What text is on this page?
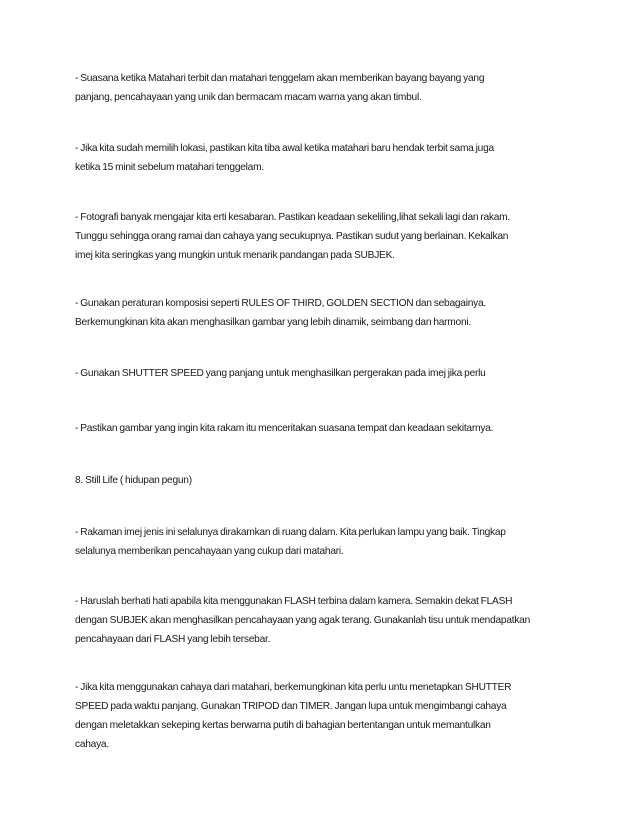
- Suasana ketika Matahari terbit dan matahari tenggelam akan memberikan bayang bayang yang
panjang, pencahayaan yang unik dan bermacam macam warna yang akan timbul.

- Jika kita sudah memilih lokasi, pastikan kita tiba awal ketika matahari baru hendak terbit sama juga
ketika 15 minit sebelum matahari tenggelam.

- Fotografi banyak mengajar kita erti kesabaran. Pastikan keadaan sekeliling,lihat sekali lagi dan rakam.
Tunggu sehingga orang ramai dan cahaya yang secukupnya. Pastikan sudut yang berlainan. Kekalkan
imej kita seringkas yang mungkin untuk menarik pandangan pada SUBJEK.

- Gunakan peraturan komposisi seperti RULES OF THIRD, GOLDEN SECTION dan sebagainya.
Berkemungkinan kita akan menghasilkan gambar yang lebih dinamik, seimbang dan harmoni.

- Gunakan SHUTTER SPEED yang panjang untuk menghasilkan pergerakan pada imej jika perlu

- Pastikan gambar yang ingin kita rakam itu menceritakan suasana tempat dan keadaan sekitarnya.

8. Still Life ( hidupan pegun)

- Rakaman imej jenis ini selalunya dirakamkan di ruang dalam. Kita perlukan lampu yang baik. Tingkap
selalunya memberikan pencahayaan yang cukup dari matahari.

- Haruslah berhati hati apabila kita menggunakan FLASH terbina dalam kamera. Semakin dekat FLASH
dengan SUBJEK akan menghasilkan pencahayaan yang agak terang. Gunakanlah tisu untuk mendapatkan
pencahayaan dari FLASH yang lebih tersebar.

- Jika kita menggunakan cahaya dari matahari, berkemungkinan kita perlu untu menetapkan SHUTTER
SPEED pada waktu panjang. Gunakan TRIPOD dan TIMER. Jangan lupa untuk mengimbangi cahaya
dengan meletakkan sekeping kertas berwarna putih di bahagian bertentangan untuk memantulkan
cahaya.
